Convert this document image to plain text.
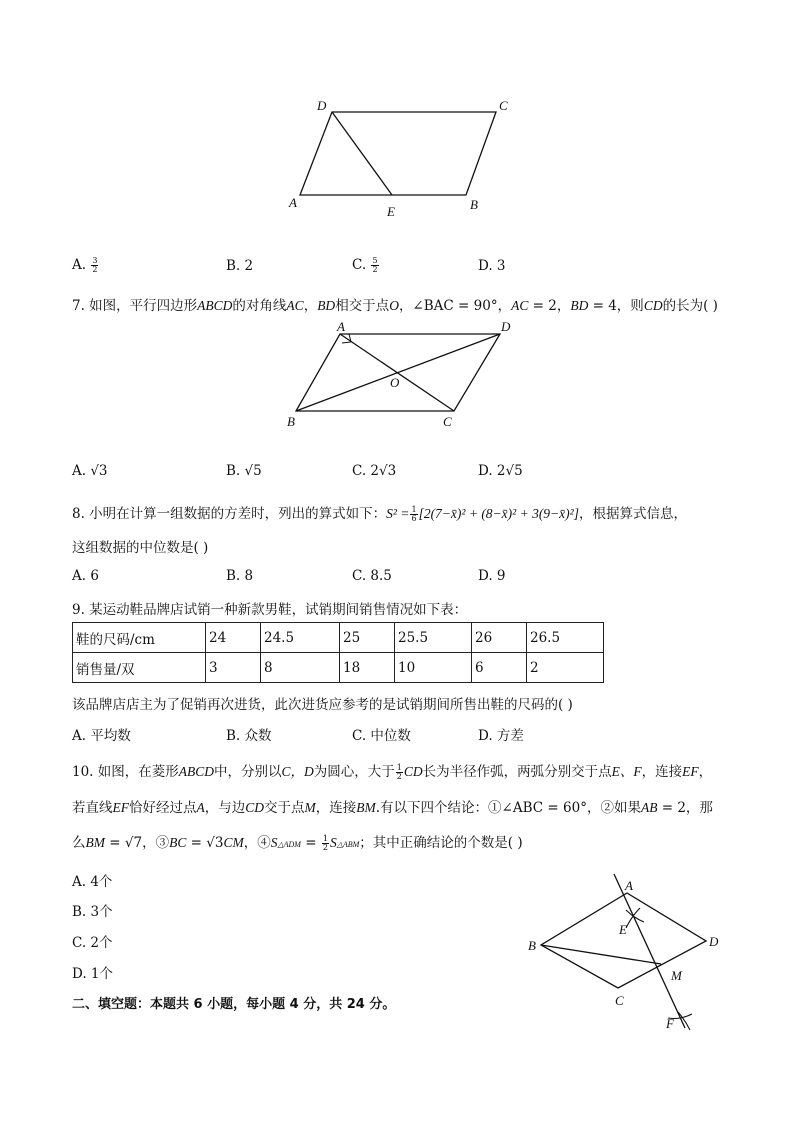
D	C
A
E	B
A. $\frac{3}{2}$	B. 2	C. $\frac{5}{2}$	D. 3
7. 如图，平行四边形ABCD的对角线AC，BD相交于点O，∠BAC = 90°，AC = 2，BD = 4，则CD的长为( )
A	D
O
B	C
A. √3	B. √5	C. 2√3	D. 2√5
8. 小明在计算一组数据的方差时，列出的算式如下：$S^2 = \frac{1}{6}$ [2(7−x̄)² + (8−x̄)² + 3(9−x̄)²]，根据算式信息，
这组数据的中位数是( )
A. 6	B. 8	C. 8.5	D. 9
9. 某运动鞋品牌店试销一种新款男鞋，试销期间销售情况如下表：
鞋的尺码/cm	24	24.5	25	25.5	26	26.5
销售量/双	3	8	18	10	6	2
该品牌店店主为了促销再次进货，此次进货应参考的是试销期间所售出鞋的尺码的( )
A. 平均数	B. 众数	C. 中位数	D. 方差
10. 如图，在菱形ABCD中，分别以C，D为圆心，大于 $\frac{1}{2}$ CD长为半径作弧，两弧分别交于点E、F，连接EF，
若直线EF恰好经过点A，与边CD交于点M，连接BM.有以下四个结论：①∠ABC = 60°，②如果AB = 2，那
么BM = √7，③BC = √3CM，④S△ADM = $\frac{1}{2}$ S△ABM；其中正确结论的个数是( )
A. 4个
B. 3个
C. 2个
D. 1个
A
E
B	D
M
C
F
二、填空题：本题共 6 小题，每小题 4 分，共 24 分。
